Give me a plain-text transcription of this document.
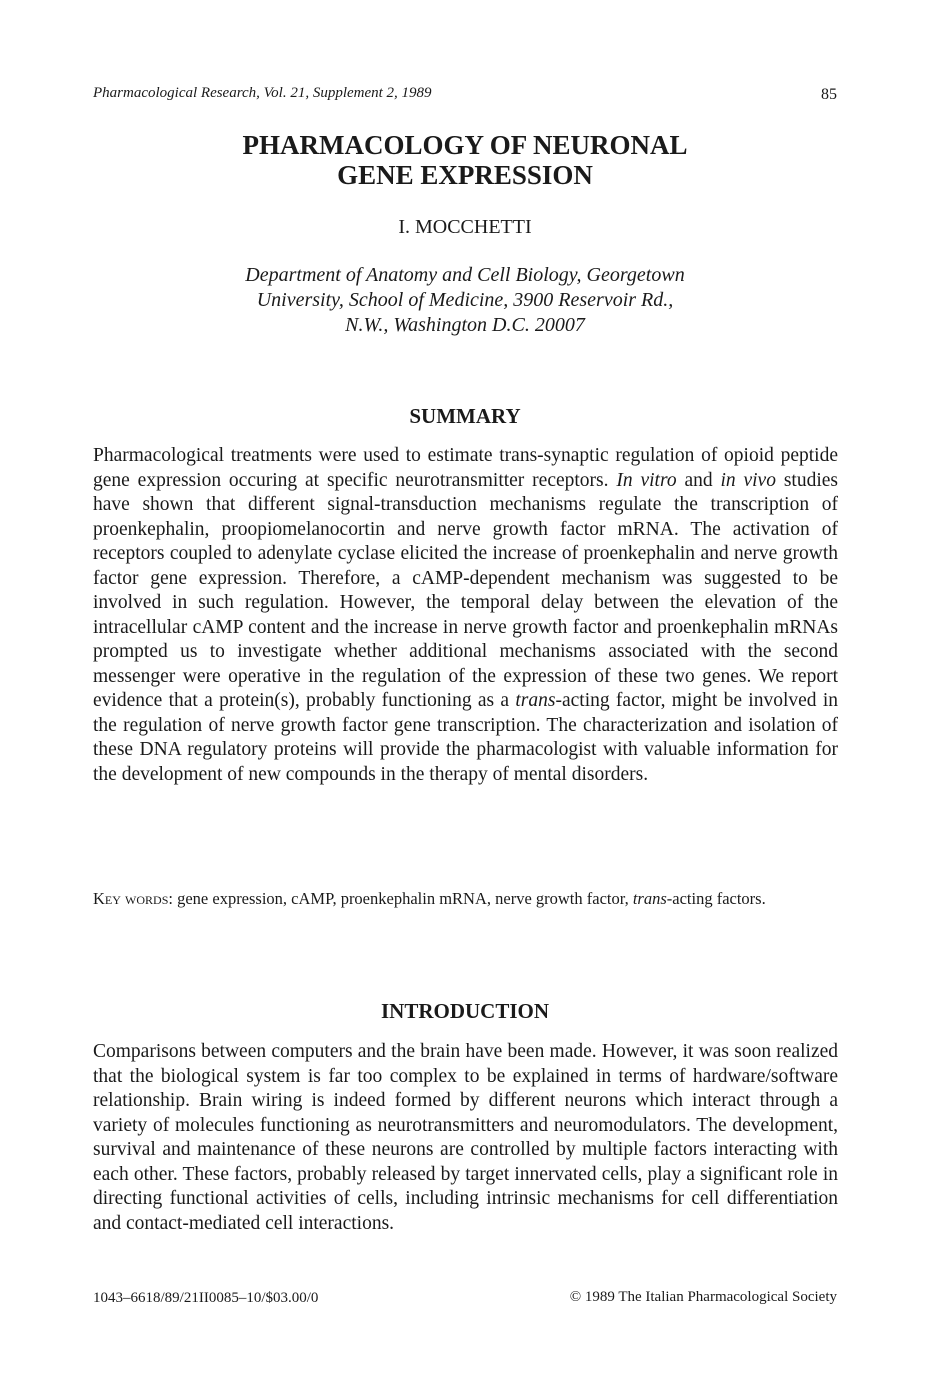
Pharmacological Research, Vol. 21, Supplement 2, 1989	85
PHARMACOLOGY OF NEURONAL
GENE EXPRESSION
I. MOCCHETTI
Department of Anatomy and Cell Biology, Georgetown
University, School of Medicine, 3900 Reservoir Rd.,
N.W., Washington D.C. 20007
SUMMARY
Pharmacological treatments were used to estimate trans-synaptic regulation of opioid peptide gene expression occuring at specific neurotransmitter receptors. In vitro and in vivo studies have shown that different signal-transduction mechanisms regulate the transcription of proenkephalin, proopiomelanocortin and nerve growth factor mRNA. The activation of receptors coupled to adenylate cyclase elicited the increase of proenkephalin and nerve growth factor gene expression. Therefore, a cAMP-dependent mechanism was suggested to be involved in such regulation. However, the temporal delay between the elevation of the intracellular cAMP content and the increase in nerve growth factor and proenkephalin mRNAs prompted us to investigate whether additional mechanisms associated with the second messenger were operative in the regulation of the expression of these two genes. We report evidence that a protein(s), probably functioning as a trans-acting factor, might be involved in the regulation of nerve growth factor gene transcription. The characterization and isolation of these DNA regulatory proteins will provide the pharmacologist with valuable information for the development of new compounds in the therapy of mental disorders.
Key words: gene expression, cAMP, proenkephalin mRNA, nerve growth factor, trans-acting factors.
INTRODUCTION
Comparisons between computers and the brain have been made. However, it was soon realized that the biological system is far too complex to be explained in terms of hardware/software relationship. Brain wiring is indeed formed by different neurons which interact through a variety of molecules functioning as neurotransmitters and neuromodulators. The development, survival and maintenance of these neurons are controlled by multiple factors interacting with each other. These factors, probably released by target innervated cells, play a significant role in directing functional activities of cells, including intrinsic mechanisms for cell differentiation and contact-mediated cell interactions.
1043–6618/89/21II0085–10/$03.00/0	© 1989 The Italian Pharmacological Society
